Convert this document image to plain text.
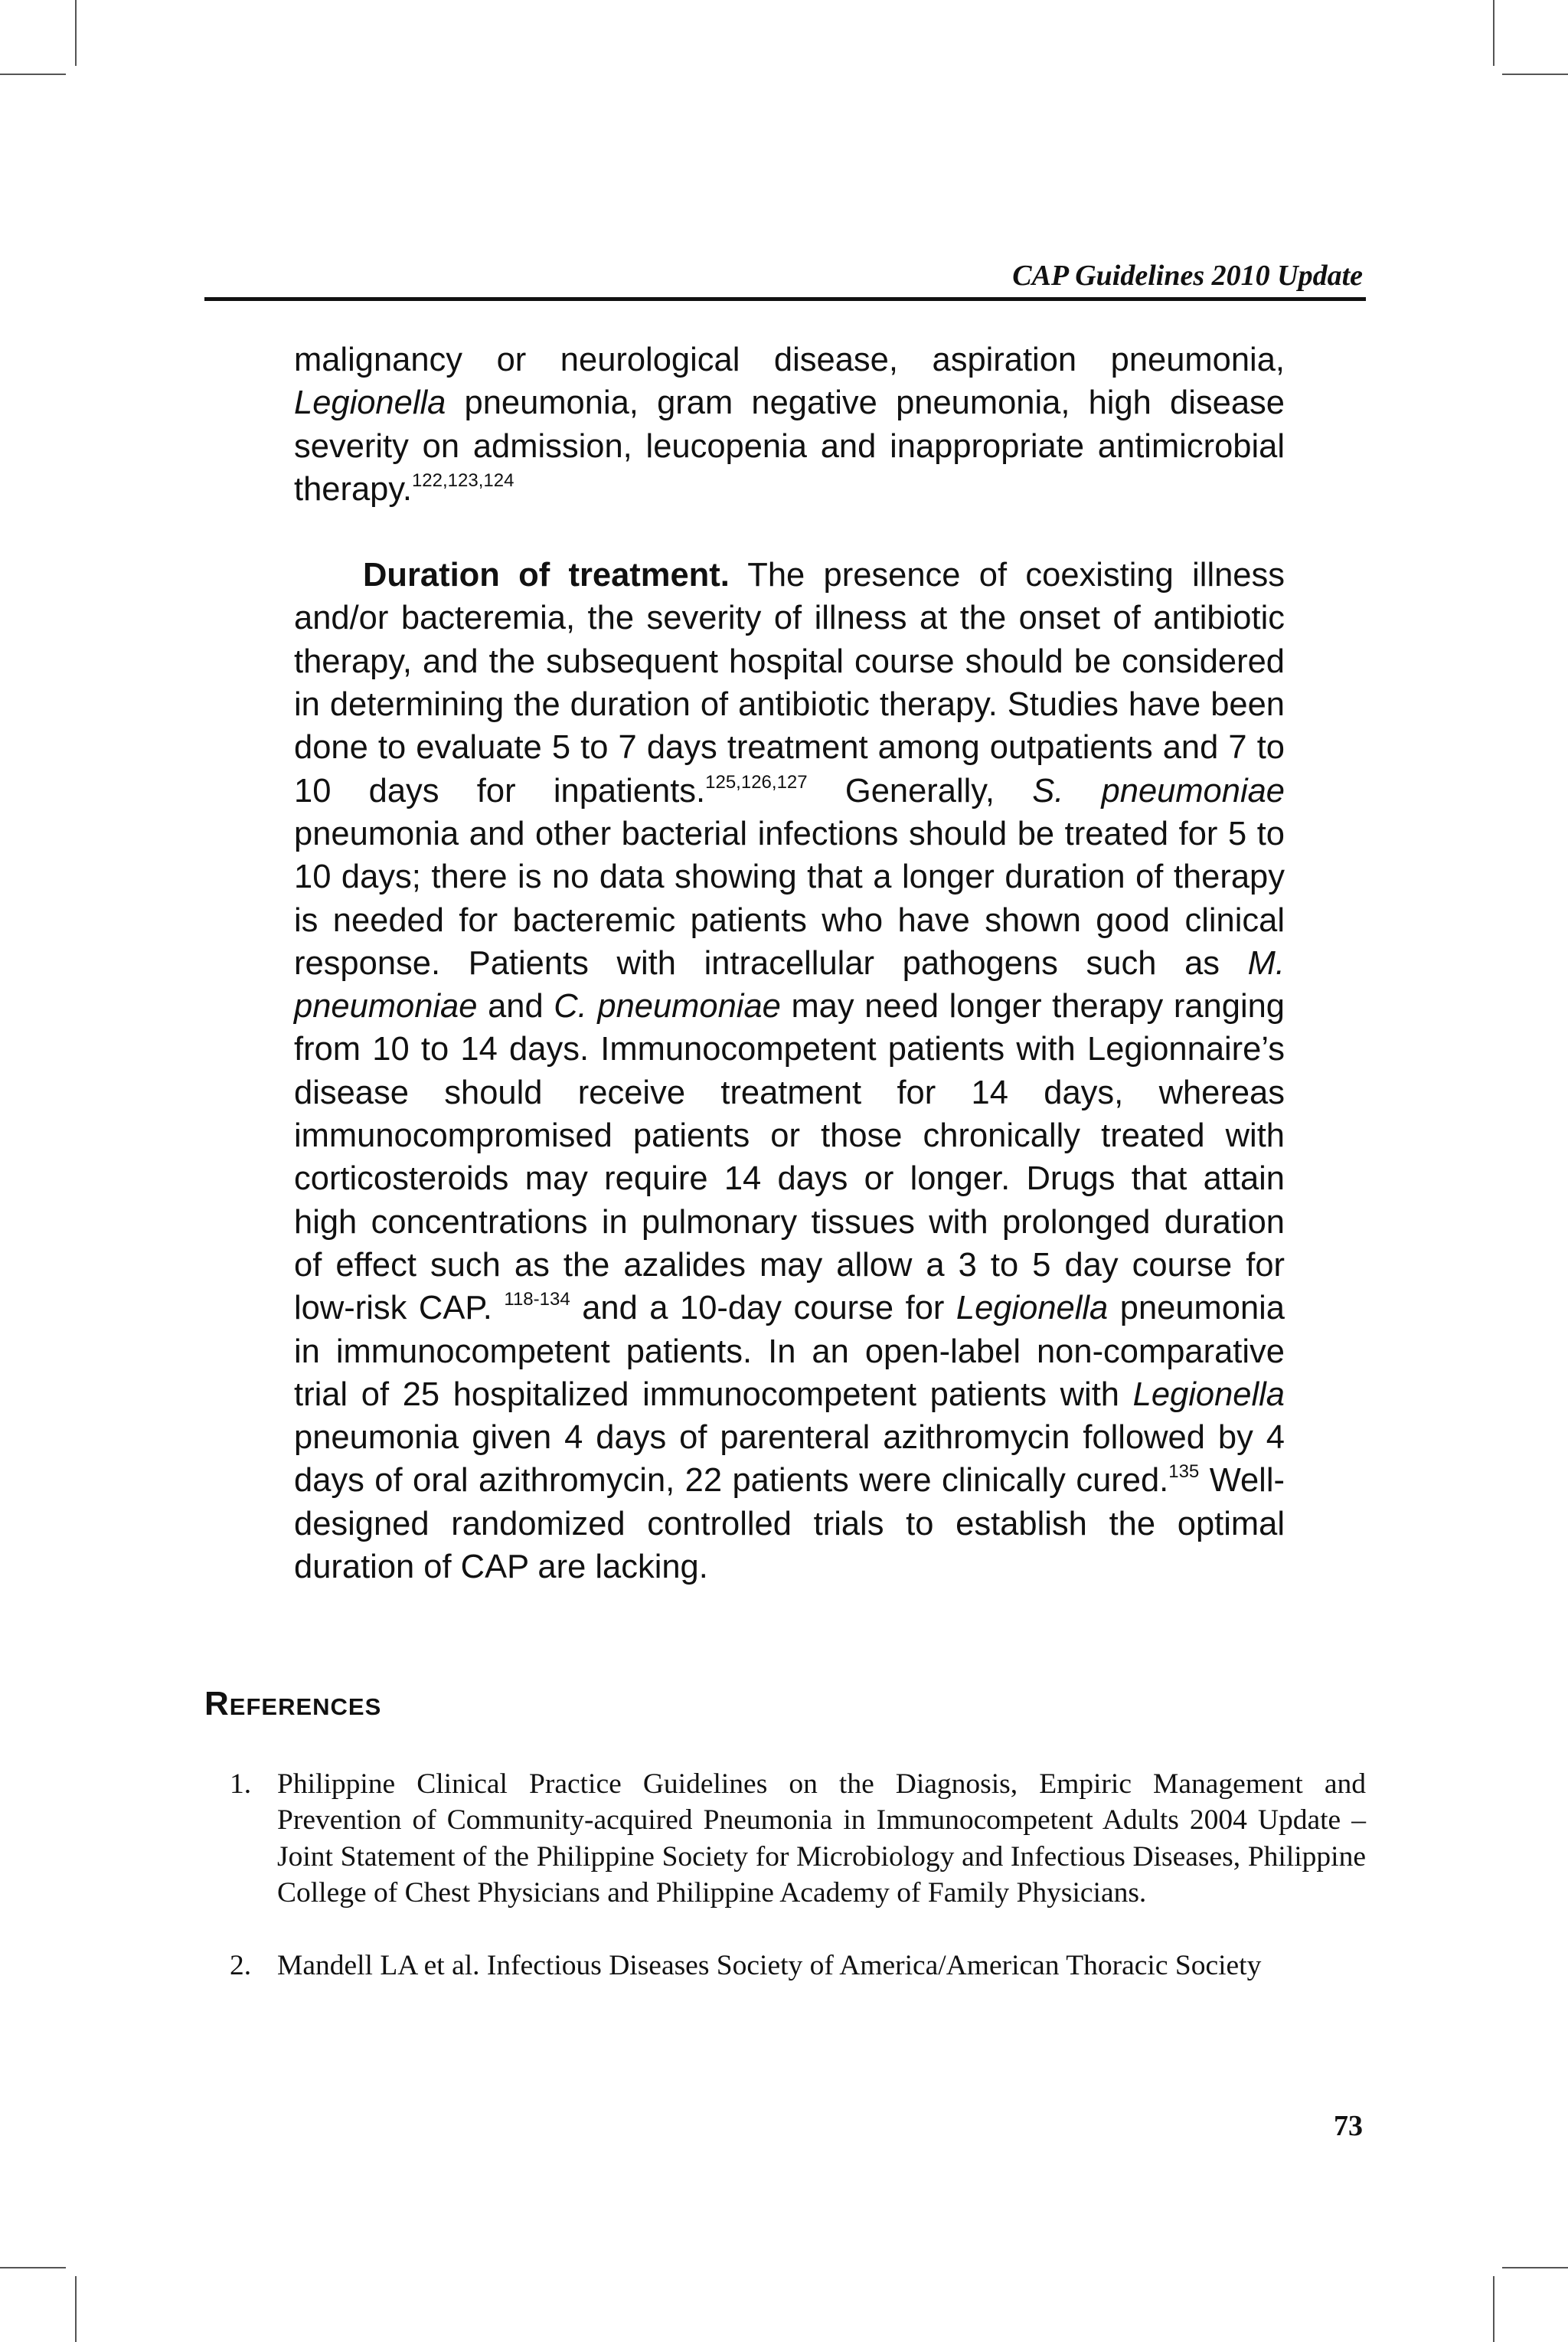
CAP Guidelines 2010 Update

malignancy or neurological disease, aspiration pneumonia, Legionella pneumonia, gram negative pneumonia, high disease severity on admission, leucopenia and inappropriate antimicrobial therapy.$^{122,123,124}$

Duration of treatment. The presence of coexisting illness and/or bacteremia, the severity of illness at the onset of antibiotic therapy, and the subsequent hospital course should be considered in determining the duration of antibiotic therapy. Studies have been done to evaluate 5 to 7 days treatment among outpatients and 7 to 10 days for inpatients.$^{125,126,127}$ Generally, S. pneumoniae pneumonia and other bacterial infections should be treated for 5 to 10 days; there is no data showing that a longer duration of therapy is needed for bacteremic patients who have shown good clinical response. Patients with intracellular pathogens such as M. pneumoniae and C. pneumoniae may need longer therapy ranging from 10 to 14 days. Immunocompetent patients with Legionnaire’s disease should receive treatment for 14 days, whereas immunocompromised patients or those chronically treated with corticosteroids may require 14 days or longer. Drugs that attain high concentrations in pulmonary tissues with prolonged duration of effect such as the azalides may allow a 3 to 5 day course for low-risk CAP. $^{118-134}$ and a 10-day course for Legionella pneumonia in immunocompetent patients. In an open-label non-comparative trial of 25 hospitalized immunocompetent patients with Legionella pneumonia given 4 days of parenteral azithromycin followed by 4 days of oral azithromycin, 22 patients were clinically cured.$^{135}$ Well-designed randomized controlled trials to establish the optimal duration of CAP are lacking.

References
1. Philippine Clinical Practice Guidelines on the Diagnosis, Empiric Management and Prevention of Community-acquired Pneumonia in Immunocompetent Adults 2004 Update – Joint Statement of the Philippine Society for Microbiology and Infectious Diseases, Philippine College of Chest Physicians and Philippine Academy of Family Physicians.
2. Mandell LA et al. Infectious Diseases Society of America/American Thoracic Society
73
